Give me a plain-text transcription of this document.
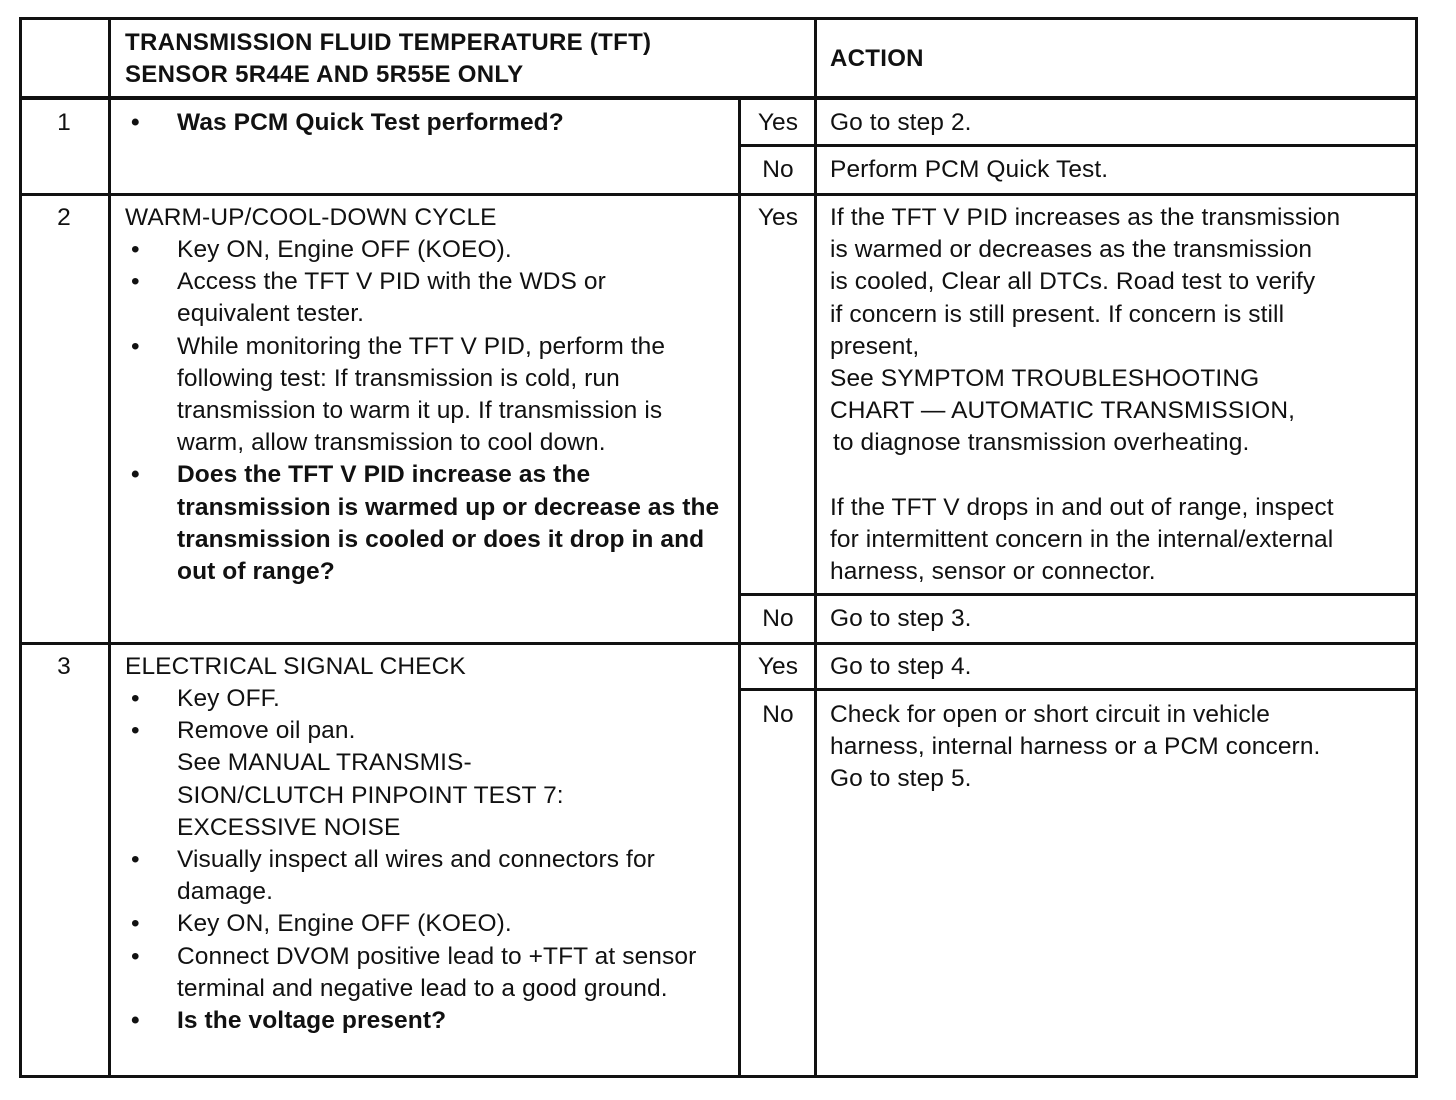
TRANSMISSION FLUID TEMPERATURE (TFT)
SENSOR 5R44E AND 5R55E ONLY
ACTION
1
•	Was PCM Quick Test performed?	Yes	Go to step 2.
No	Perform PCM Quick Test.
2	WARM-UP/COOL-DOWN CYCLE
• Key ON, Engine OFF (KOEO).
• Access the TFT V PID with the WDS or equivalent tester.
• While monitoring the TFT V PID, perform the following test: If transmission is cold, run transmission to warm it up. If transmission is warm, allow transmission to cool down.
• Does the TFT V PID increase as the transmission is warmed up or decrease as the transmission is cooled or does it drop in and out of range?
Yes	If the TFT V PID increases as the transmission
is warmed or decreases as the transmission
is cooled, Clear all DTCs. Road test to verify
if concern is still present. If concern is still
present,
See SYMPTOM TROUBLESHOOTING
CHART — AUTOMATIC TRANSMISSION,
to diagnose transmission overheating.
If the TFT V drops in and out of range, inspect
for intermittent concern in the internal/external
harness, sensor or connector.
No	Go to step 3.
3	ELECTRICAL SIGNAL CHECK
• Key OFF.
• Remove oil pan.
See MANUAL TRANSMIS-
SION/CLUTCH PINPOINT TEST 7:
EXCESSIVE NOISE
• Visually inspect all wires and connectors for damage.
• Key ON, Engine OFF (KOEO).
• Connect DVOM positive lead to +TFT at sensor terminal and negative lead to a good ground.
• Is the voltage present?
Yes	Go to step 4.
No	Check for open or short circuit in vehicle
harness, internal harness or a PCM concern.
Go to step 5.
